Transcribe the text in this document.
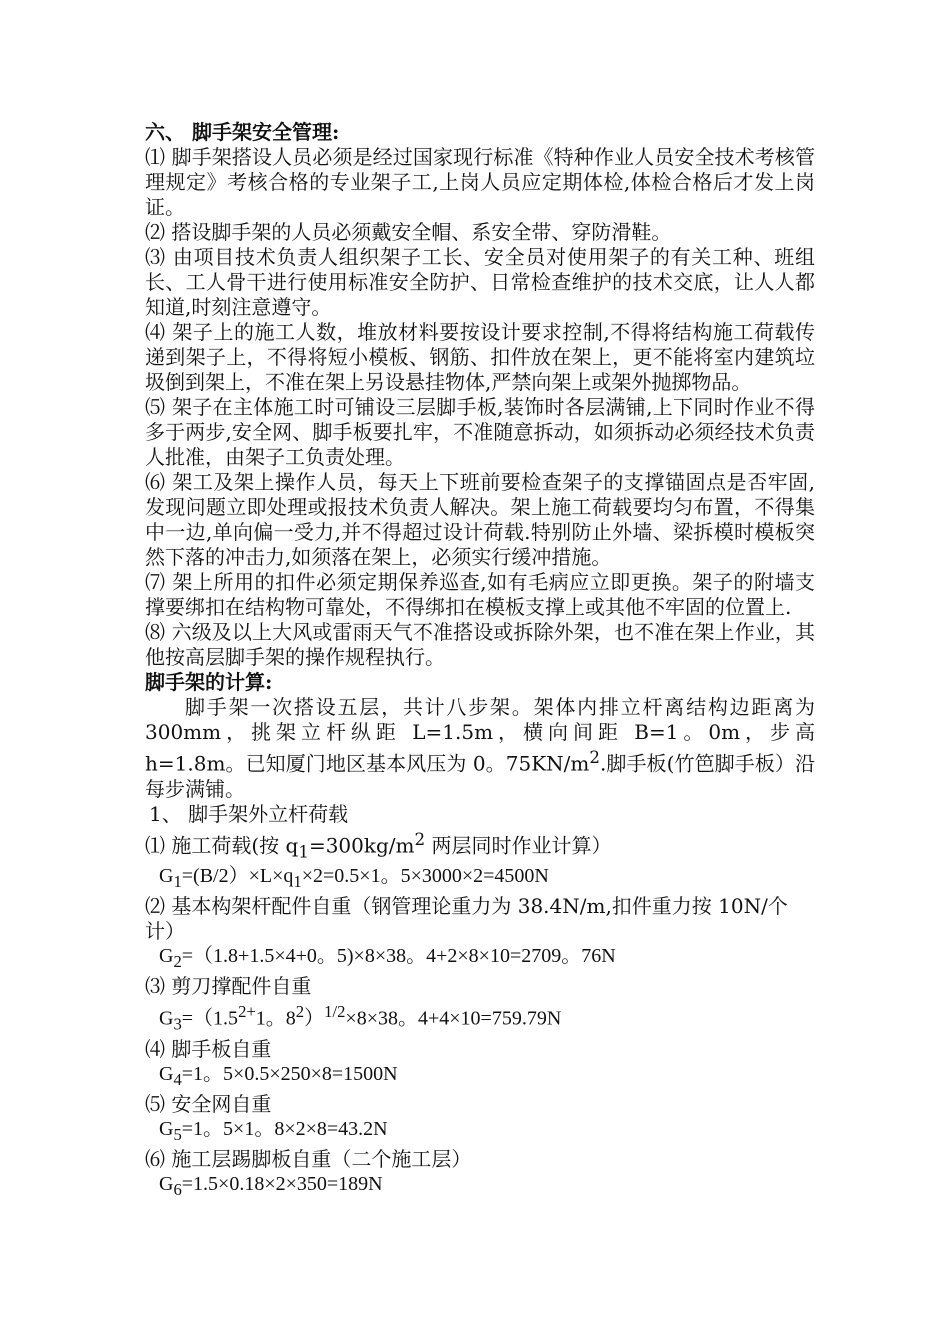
六、 脚手架安全管理:

⑴ 脚手架搭设人员必须是经过国家现行标准《特种作业人员安全技术考核管理规定》考核合格的专业架子工,上岗人员应定期体检,体检合格后才发上岗证。

⑵ 搭设脚手架的人员必须戴安全帽、系安全带、穿防滑鞋。

⑶ 由项目技术负责人组织架子工长、安全员对使用架子的有关工种、班组长、工人骨干进行使用标准安全防护、日常检查维护的技术交底，让人人都知道,时刻注意遵守。

⑷ 架子上的施工人数，堆放材料要按设计要求控制,不得将结构施工荷载传递到架子上，不得将短小模板、钢筋、扣件放在架上，更不能将室内建筑垃圾倒到架上，不准在架上另设悬挂物体,严禁向架上或架外抛掷物品。

⑸ 架子在主体施工时可铺设三层脚手板,装饰时各层满铺,上下同时作业不得多于两步,安全网、脚手板要扎牢，不准随意拆动，如须拆动必须经技术负责人批准，由架子工负责处理。

⑹ 架工及架上操作人员，每天上下班前要检查架子的支撑锚固点是否牢固,发现问题立即处理或报技术负责人解决。架上施工荷载要均匀布置，不得集中一边,单向偏一受力,并不得超过设计荷载.特别防止外墙、梁拆模时模板突然下落的冲击力,如须落在架上，必须实行缓冲措施。

⑺ 架上所用的扣件必须定期保养巡查,如有毛病应立即更换。架子的附墙支撑要绑扣在结构物可靠处，不得绑扣在模板支撑上或其他不牢固的位置上.

⑻ 六级及以上大风或雷雨天气不准搭设或拆除外架，也不准在架上作业，其他按高层脚手架的操作规程执行。

脚手架的计算:

脚手架一次搭设五层，共计八步架。架体内排立杆离结构边距离为 300mm，挑架立杆纵距 L=1.5m，横向间距 B=1。0m，步高 h=1.8m。已知厦门地区基本风压为 0。$75KN/m^2$.脚手板(竹笆脚手板）沿每步满铺。

1、 脚手架外立杆荷载

⑴ 施工荷载(按 $q_1=300kg/m^2$ 两层同时作业计算）

$G_1=(B/2)\times L\times q_1\times 2=0.5\times 1$。5×3000×2=4500N

⑵ 基本构架杆配件自重（钢管理论重力为 38.4N/m,扣件重力按 10N/个计）

$G_2=(1.8+1.5\times 4+0$。5)×8×38。4+2×8×10=2709。76N

⑶ 剪刀撑配件自重

$G_3=(1.5^{2+}1$。$8^2)^{1/2}\times 8\times 38$。4+4×10=759.79N

⑷ 脚手板自重

$G_4=1$。5×0.5×250×8=1500N

⑸ 安全网自重

$G_5=1$。5×1。8×2×8=43.2N

⑹ 施工层踢脚板自重（二个施工层）

$G_6=1.5\times 0.18\times 2\times 350=189N$
